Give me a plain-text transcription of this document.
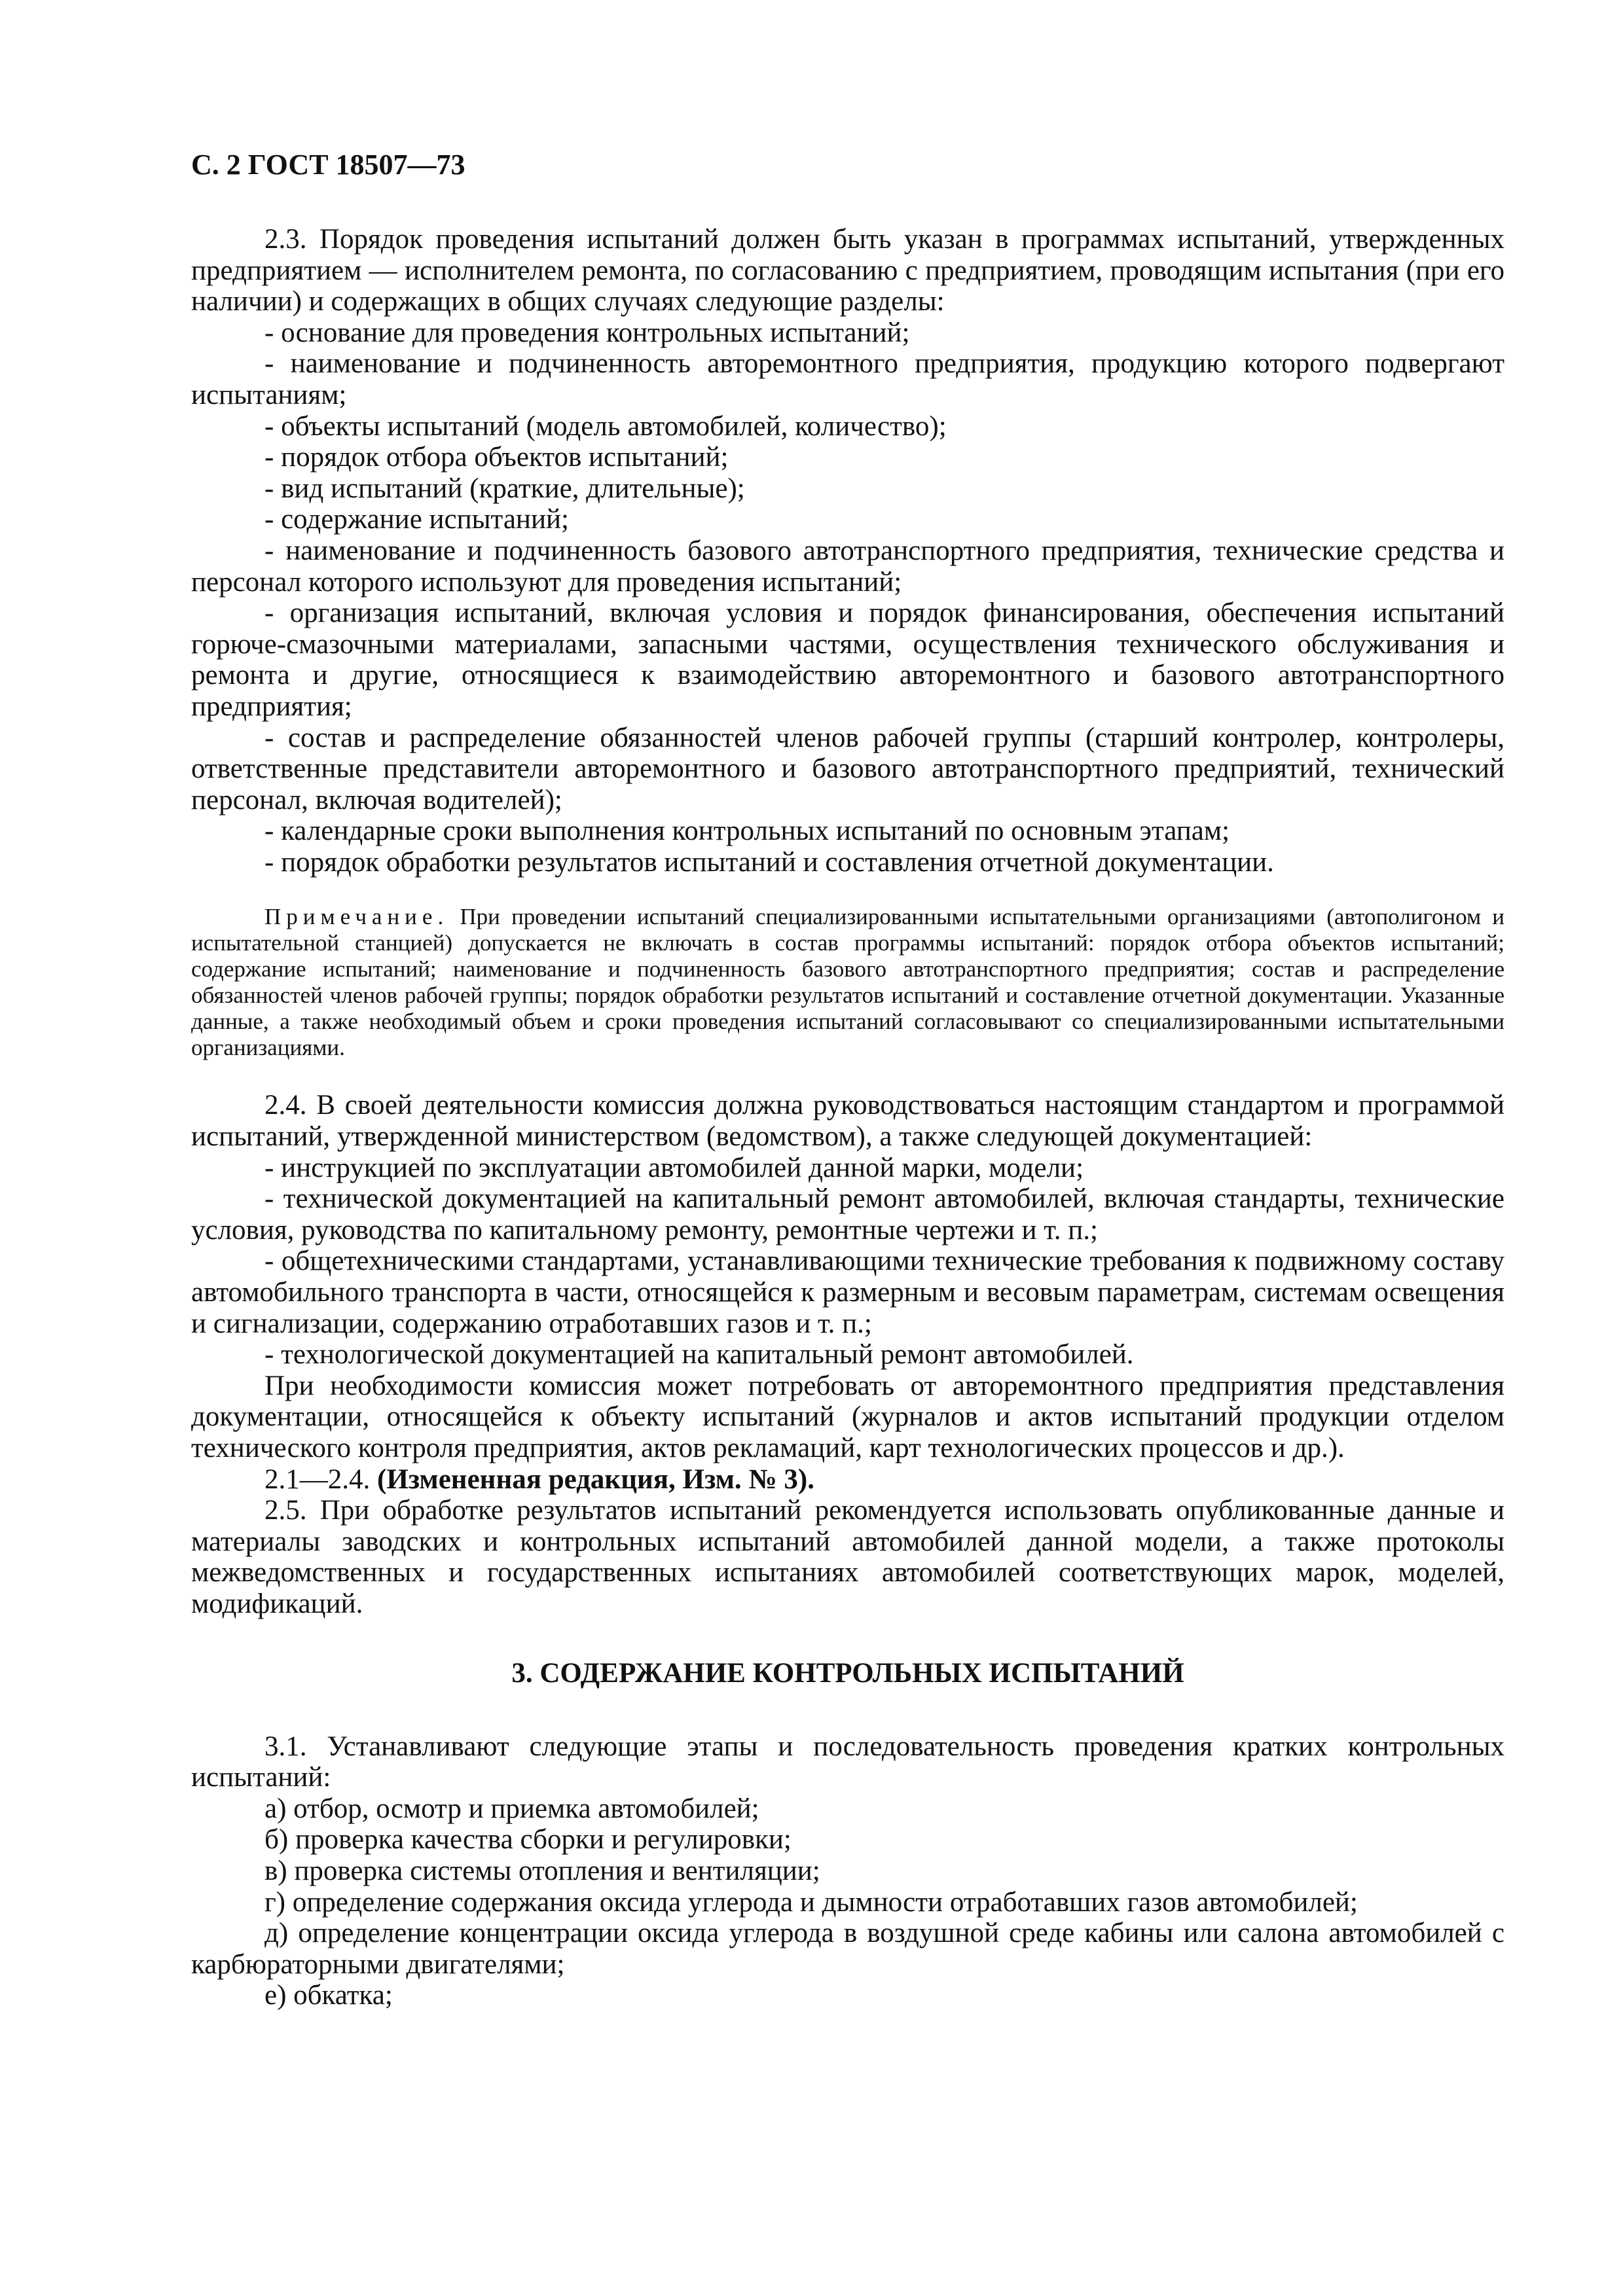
С. 2 ГОСТ 18507—73

2.3. Порядок проведения испытаний должен быть указан в программах испытаний, утвержденных предприятием — исполнителем ремонта, по согласованию с предприятием, проводящим испытания (при его наличии) и содержащих в общих случаях следующие разделы:

- основание для проведения контрольных испытаний;

- наименование и подчиненность авторемонтного предприятия, продукцию которого подвергают испытаниям;

- объекты испытаний (модель автомобилей, количество);

- порядок отбора объектов испытаний;

- вид испытаний (краткие, длительные);

- содержание испытаний;

- наименование и подчиненность базового автотранспортного предприятия, технические средства и персонал которого используют для проведения испытаний;

- организация испытаний, включая условия и порядок финансирования, обеспечения испытаний горюче-смазочными материалами, запасными частями, осуществления технического обслуживания и ремонта и другие, относящиеся к взаимодействию авторемонтного и базового автотранспортного предприятия;

- состав и распределение обязанностей членов рабочей группы (старший контролер, контролеры, ответственные представители авторемонтного и базового автотранспортного предприятий, технический персонал, включая водителей);

- календарные сроки выполнения контрольных испытаний по основным этапам;

- порядок обработки результатов испытаний и составления отчетной документации.

Примечание. При проведении испытаний специализированными испытательными организациями (автополигоном и испытательной станцией) допускается не включать в состав программы испытаний: порядок отбора объектов испытаний; содержание испытаний; наименование и подчиненность базового автотранспортного предприятия; состав и распределение обязанностей членов рабочей группы; порядок обработки результатов испытаний и составление отчетной документации. Указанные данные, а также необходимый объем и сроки проведения испытаний согласовывают со специализированными испытательными организациями.

2.4. В своей деятельности комиссия должна руководствоваться настоящим стандартом и программой испытаний, утвержденной министерством (ведомством), а также следующей документацией:

- инструкцией по эксплуатации автомобилей данной марки, модели;

- технической документацией на капитальный ремонт автомобилей, включая стандарты, технические условия, руководства по капитальному ремонту, ремонтные чертежи и т. п.;

- общетехническими стандартами, устанавливающими технические требования к подвижному составу автомобильного транспорта в части, относящейся к размерным и весовым параметрам, системам освещения и сигнализации, содержанию отработавших газов и т. п.;

- технологической документацией на капитальный ремонт автомобилей.

При необходимости комиссия может потребовать от авторемонтного предприятия представления документации, относящейся к объекту испытаний (журналов и актов испытаний продукции отделом технического контроля предприятия, актов рекламаций, карт технологических процессов и др.).

2.1—2.4. (Измененная редакция, Изм. № 3).

2.5. При обработке результатов испытаний рекомендуется использовать опубликованные данные и материалы заводских и контрольных испытаний автомобилей данной модели, а также протоколы межведомственных и государственных испытаниях автомобилей соответствующих марок, моделей, модификаций.

3. СОДЕРЖАНИЕ КОНТРОЛЬНЫХ ИСПЫТАНИЙ

3.1. Устанавливают следующие этапы и последовательность проведения кратких контрольных испытаний:

а) отбор, осмотр и приемка автомобилей;

б) проверка качества сборки и регулировки;

в) проверка системы отопления и вентиляции;

г) определение содержания оксида углерода и дымности отработавших газов автомобилей;

д) определение концентрации оксида углерода в воздушной среде кабины или салона автомобилей с карбюраторными двигателями;

е) обкатка;
